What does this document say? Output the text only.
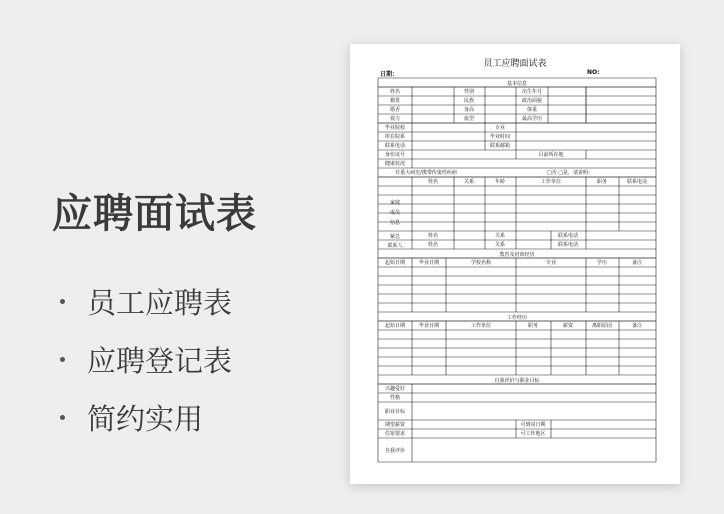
应聘面试表
员工应聘表
应聘登记表
简约实用
员工应聘面试表
日期：	NO:
基本信息
姓名	性别	出生年月
籍贯	民族	政治面貌
婚否	身高	体重
视力	血型	最高学历
毕业院校	专业
所在院系	毕业时间
联系电话	联系邮箱
身份证号	目前所在地
健康状况
有重大病史/携带传染性疾病	□否 □是，请说明：
姓名	关系	年龄	工作单位	职务	联系电话
家庭
成员
信息
紧急
联系人
姓名	关系	联系电话
姓名	关系	联系电话
教育及培训经历
起始日期	毕业日期	学校名称	专业	学历	备注
工作经历
起始日期	毕业日期	工作单位	职务	薪资	离职原因	备注
自我评价与职业目标
兴趣爱好
性格
职业目标
期望薪资	可到岗日期
住宿要求	可工作地区
自我评价
